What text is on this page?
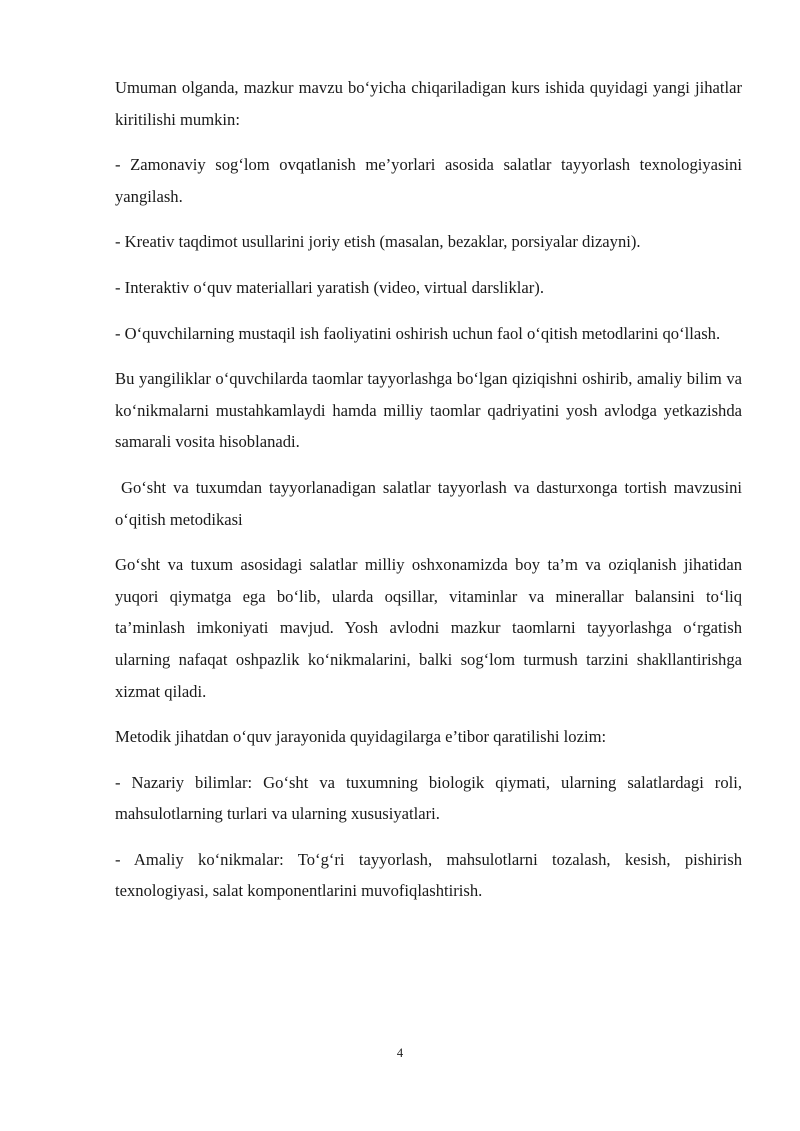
Umuman olganda, mazkur mavzu bo‘yicha chiqariladigan kurs ishida quyidagi yangi jihatlar kiritilishi mumkin:

- Zamonaviy sog‘lom ovqatlanish me’yorlari asosida salatlar tayyorlash texnologiyasini yangilash.

- Kreativ taqdimot usullarini joriy etish (masalan, bezaklar, porsiyalar dizayni).

- Interaktiv o‘quv materiallari yaratish (video, virtual darsliklar).

- O‘quvchilarning mustaqil ish faoliyatini oshirish uchun faol o‘qitish metodlarini qo‘llash.

Bu yangiliklar o‘quvchilarda taomlar tayyorlashga bo‘lgan qiziqishni oshirib, amaliy bilim va ko‘nikmalarni mustahkamlaydi hamda milliy taomlar qadriyatini yosh avlodga yetkazishda samarali vosita hisoblanadi.

Go‘sht va tuxumdan tayyorlanadigan salatlar tayyorlash va dasturxonga tortish mavzusini o‘qitish metodikasi

Go‘sht va tuxum asosidagi salatlar milliy oshxonamizda boy ta’m va oziqlanish jihatidan yuqori qiymatga ega bo‘lib, ularda oqsillar, vitaminlar va minerallar balansini to‘liq ta’minlash imkoniyati mavjud. Yosh avlodni mazkur taomlarni tayyorlashga o‘rgatish ularning nafaqat oshpazlik ko‘nikmalarini, balki sog‘lom turmush tarzini shakllantirishga xizmat qiladi.

Metodik jihatdan o‘quv jarayonida quyidagilarga e’tibor qaratilishi lozim:

- Nazariy bilimlar: Go‘sht va tuxumning biologik qiymati, ularning salatlardagi roli, mahsulotlarning turlari va ularning xususiyatlari.

- Amaliy ko‘nikmalar: To‘g‘ri tayyorlash, mahsulotlarni tozalash, kesish, pishirish texnologiyasi, salat komponentlarini muvofiqlashtirish.

4
